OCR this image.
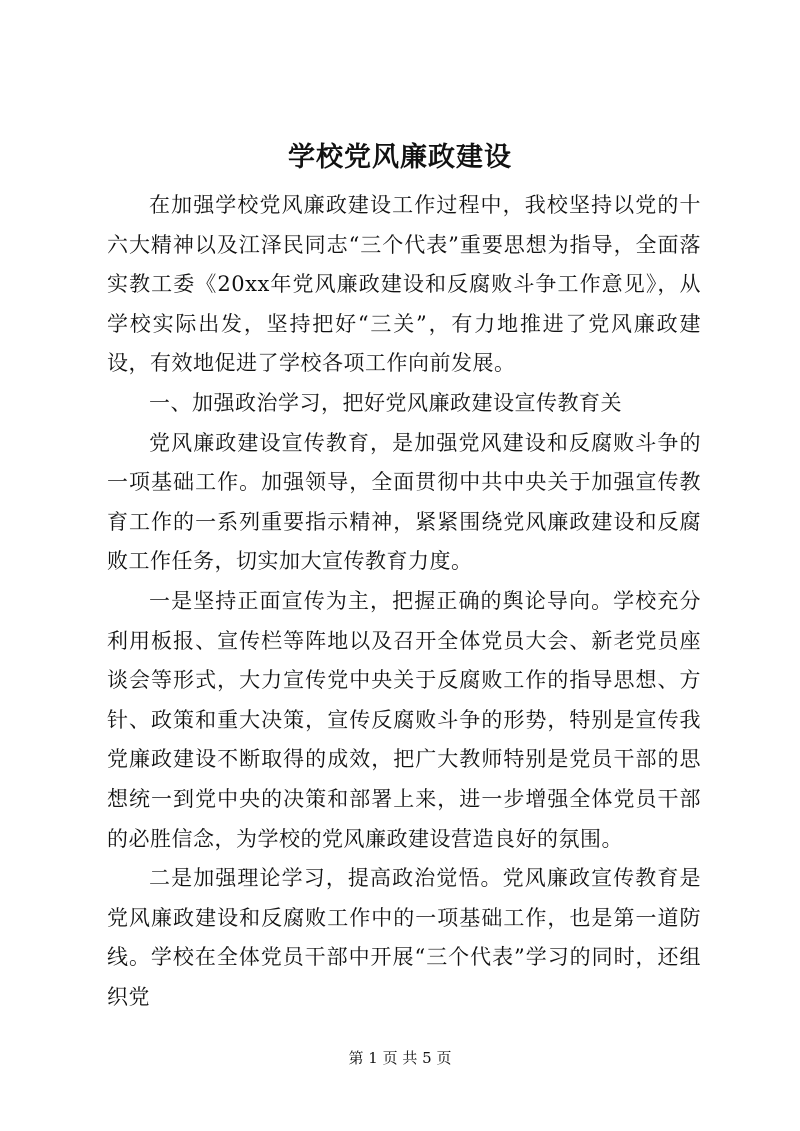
学校党风廉政建设

在加强学校党风廉政建设工作过程中，我校坚持以党的十六大精神以及江泽民同志“三个代表”重要思想为指导，全面落实教工委《20xx年党风廉政建设和反腐败斗争工作意见》，从学校实际出发，坚持把好“三关”，有力地推进了党风廉政建设，有效地促进了学校各项工作向前发展。

一、加强政治学习，把好党风廉政建设宣传教育关

党风廉政建设宣传教育，是加强党风建设和反腐败斗争的一项基础工作。加强领导，全面贯彻中共中央关于加强宣传教育工作的一系列重要指示精神，紧紧围绕党风廉政建设和反腐败工作任务，切实加大宣传教育力度。

一是坚持正面宣传为主，把握正确的舆论导向。学校充分利用板报、宣传栏等阵地以及召开全体党员大会、新老党员座谈会等形式，大力宣传党中央关于反腐败工作的指导思想、方针、政策和重大决策，宣传反腐败斗争的形势，特别是宣传我党廉政建设不断取得的成效，把广大教师特别是党员干部的思想统一到党中央的决策和部署上来，进一步增强全体党员干部的必胜信念，为学校的党风廉政建设营造良好的氛围。

二是加强理论学习，提高政治觉悟。党风廉政宣传教育是党风廉政建设和反腐败工作中的一项基础工作，也是第一道防线。学校在全体党员干部中开展“三个代表”学习的同时，还组织党

第 1 页 共 5 页
